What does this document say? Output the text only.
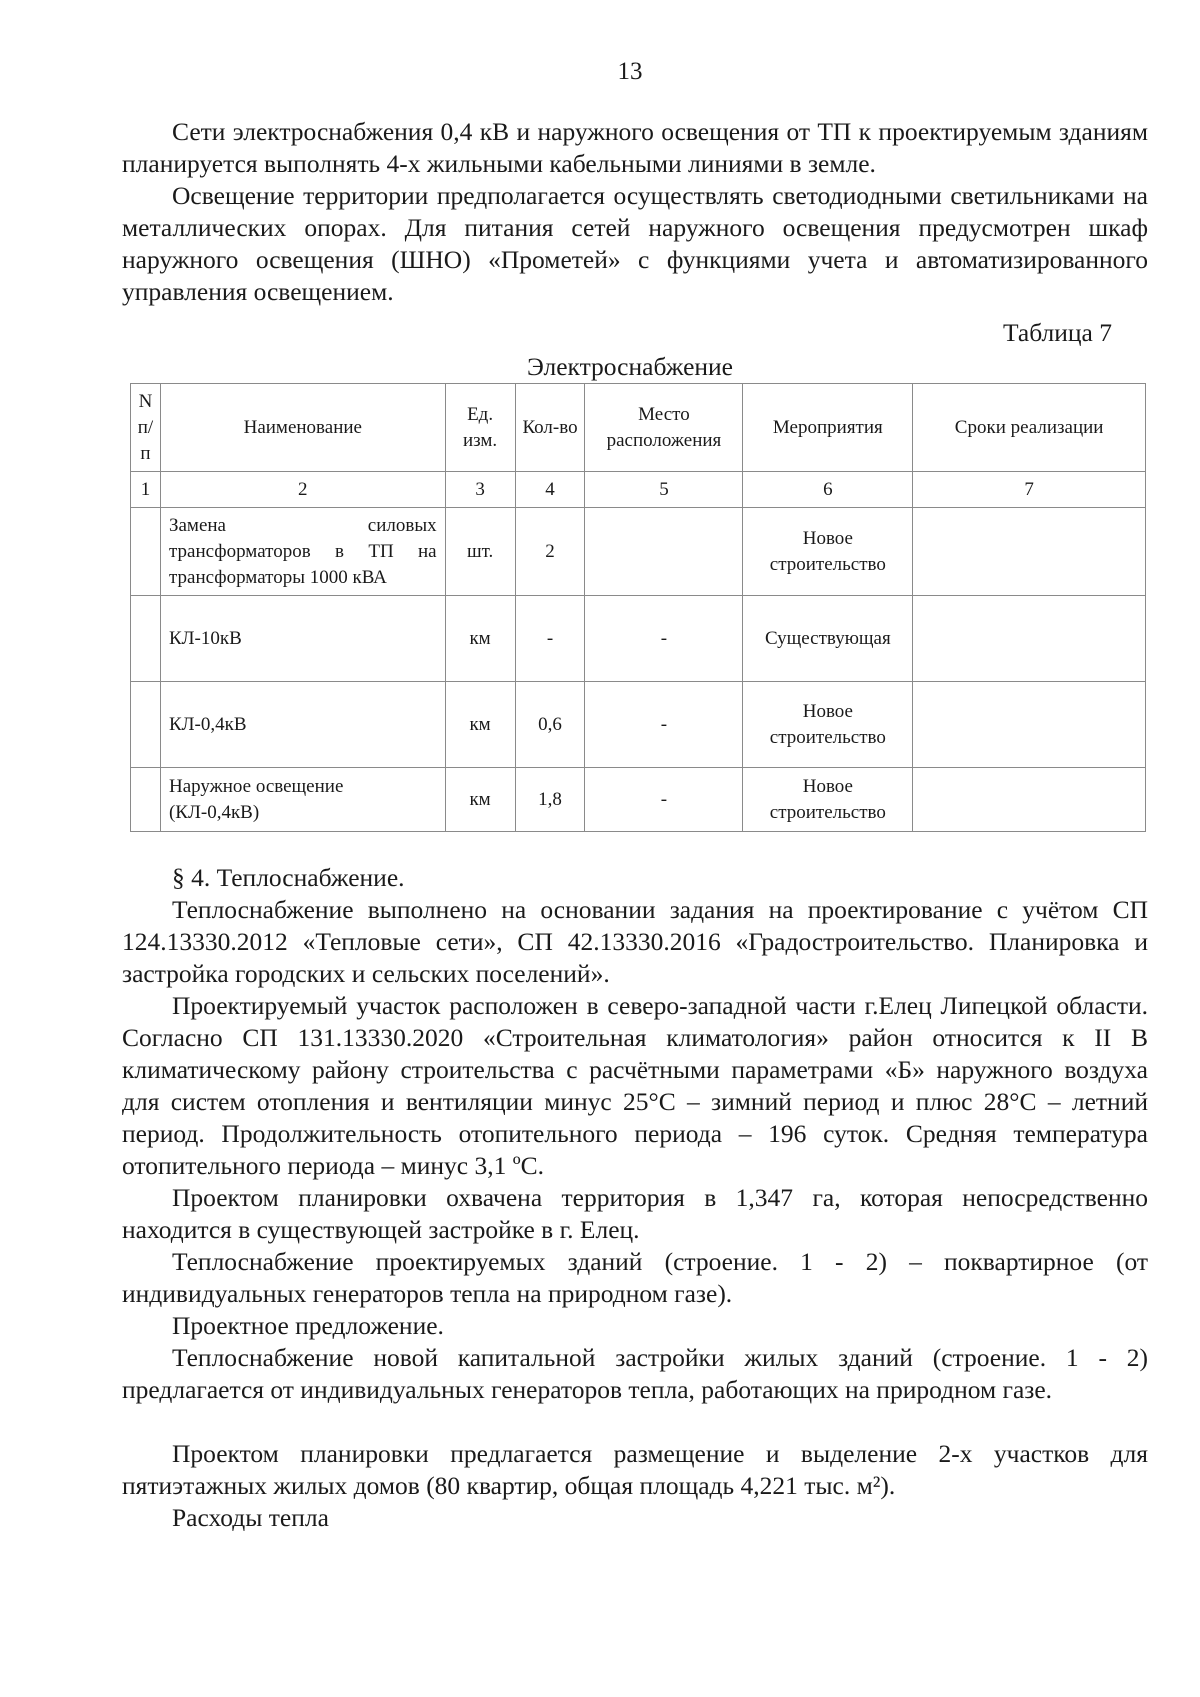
13

Сети электроснабжения 0,4 кВ и наружного освещения от ТП к проектируемым зданиям планируется выполнять 4-х жильными кабельными линиями в земле.

Освещение территории предполагается осуществлять светодиодными светильниками на металлических опорах. Для питания сетей наружного освещения предусмотрен шкаф наружного освещения (ШНО) «Прометей» с функциями учета и автоматизированного управления освещением.

Таблица 7
Электроснабжение
N п/ п	Наименование	Ед. изм.	Кол-во	Место расположения	Мероприятия	Сроки реализации
1	2	3	4	5	6	7
	Замена силовых трансформаторов в ТП на трансформаторы 1000 кВА	шт.	2		Новое строительство	
	КЛ-10кВ	км	-	-	Существующая	
	КЛ-0,4кВ	км	0,6	-	Новое строительство	
	Наружное освещение (КЛ-0,4кВ)	км	1,8	-	Новое строительство	

§ 4. Теплоснабжение.

Теплоснабжение выполнено на основании задания на проектирование с учётом СП 124.13330.2012 «Тепловые сети», СП 42.13330.2016 «Градостроительство. Планировка и застройка городских и сельских поселений».

Проектируемый участок расположен в северо-западной части г.Елец Липецкой области. Согласно СП 131.13330.2020 «Строительная климатология» район относится к II В климатическому району строительства с расчётными параметрами «Б» наружного воздуха для систем отопления и вентиляции минус 25°С – зимний период и плюс 28°С – летний период. Продолжительность отопительного периода – 196 суток. Средняя температура отопительного периода – минус 3,1 ºС.

Проектом планировки охвачена территория в 1,347 га, которая непосредственно находится в существующей застройке в г. Елец.

Теплоснабжение проектируемых зданий (строение. 1 - 2) – поквартирное (от индивидуальных генераторов тепла на природном газе).

Проектное предложение.

Теплоснабжение новой капитальной застройки жилых зданий (строение. 1 - 2) предлагается от индивидуальных генераторов тепла, работающих на природном газе.

Проектом планировки предлагается размещение и выделение 2-х участков для пятиэтажных жилых домов (80 квартир, общая площадь 4,221 тыс. м²).

Расходы тепла
